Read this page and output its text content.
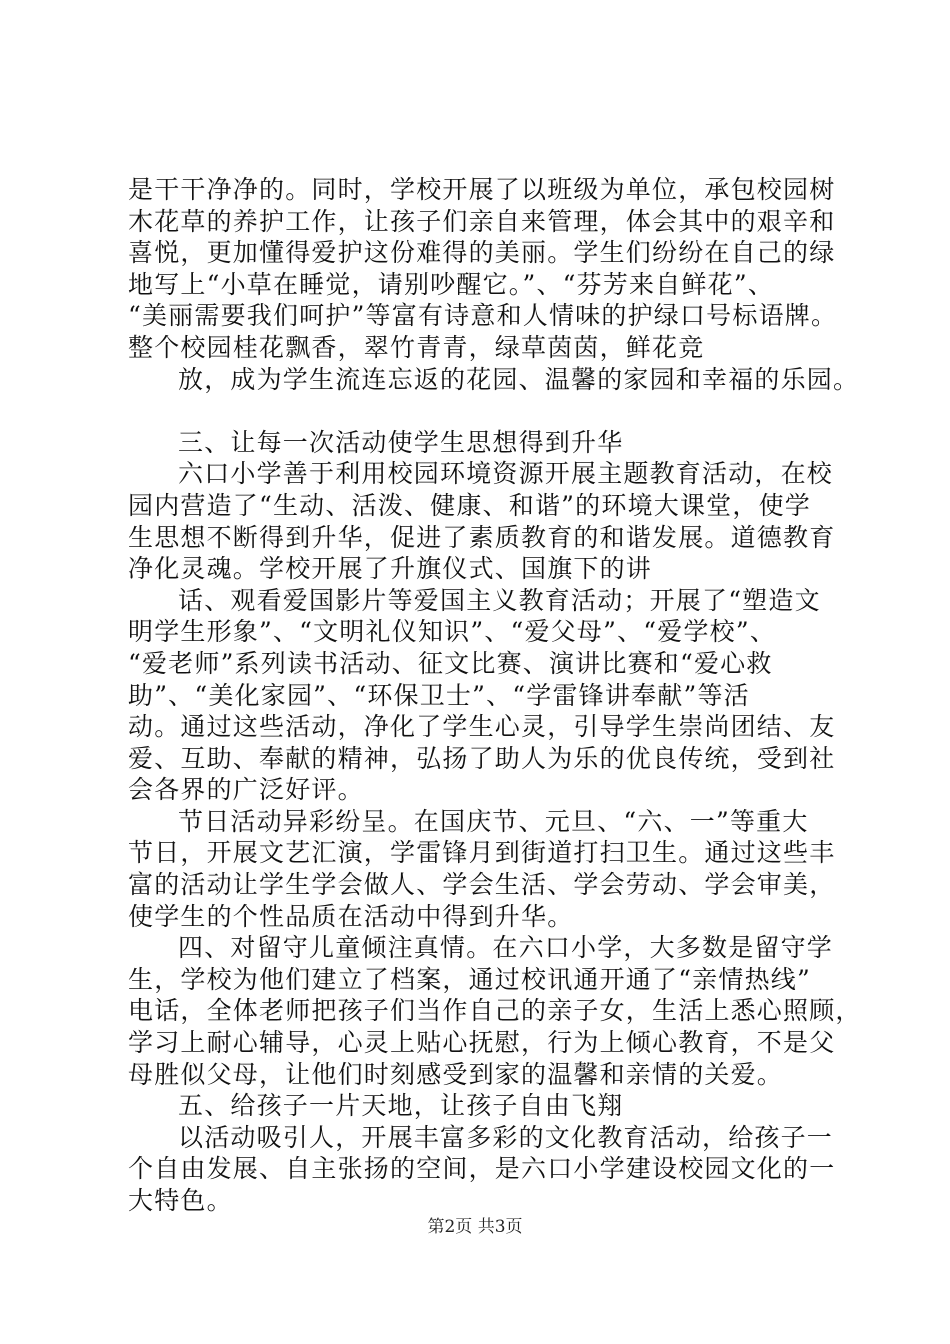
是干干净净的。同时，学校开展了以班级为单位，承包校园树
木花草的养护工作，让孩子们亲自来管理，体会其中的艰辛和
喜悦，更加懂得爱护这份难得的美丽。学生们纷纷在自己的绿
地写上“小草在睡觉，请别吵醒它。”、“芬芳来自鲜花”、
“美丽需要我们呵护”等富有诗意和人情味的护绿口号标语牌。
整个校园桂花飘香，翠竹青青，绿草茵茵，鲜花竞
放，成为学生流连忘返的花园、温馨的家园和幸福的乐园。
三、让每一次活动使学生思想得到升华
六口小学善于利用校园环境资源开展主题教育活动，在校
园内营造了“生动、活泼、健康、和谐”的环境大课堂，使学
生思想不断得到升华，促进了素质教育的和谐发展。道德教育
净化灵魂。学校开展了升旗仪式、国旗下的讲
话、观看爱国影片等爱国主义教育活动；开展了“塑造文
明学生形象”、“文明礼仪知识”、“爱父母”、“爱学校”、
“爱老师”系列读书活动、征文比赛、演讲比赛和“爱心救
助”、“美化家园”、“环保卫士”、“学雷锋讲奉献”等活
动。通过这些活动，净化了学生心灵，引导学生崇尚团结、友
爱、互助、奉献的精神，弘扬了助人为乐的优良传统，受到社
会各界的广泛好评。
节日活动异彩纷呈。在国庆节、元旦、“六、一”等重大
节日，开展文艺汇演，学雷锋月到街道打扫卫生。通过这些丰
富的活动让学生学会做人、学会生活、学会劳动、学会审美，
使学生的个性品质在活动中得到升华。
四、对留守儿童倾注真情。在六口小学，大多数是留守学
生，学校为他们建立了档案，通过校讯通开通了“亲情热线”
电话，全体老师把孩子们当作自己的亲子女，生活上悉心照顾，
学习上耐心辅导，心灵上贴心抚慰，行为上倾心教育，不是父
母胜似父母，让他们时刻感受到家的温馨和亲情的关爱。
五、给孩子一片天地，让孩子自由飞翔
以活动吸引人，开展丰富多彩的文化教育活动，给孩子一
个自由发展、自主张扬的空间，是六口小学建设校园文化的一
大特色。
第2页 共3页
